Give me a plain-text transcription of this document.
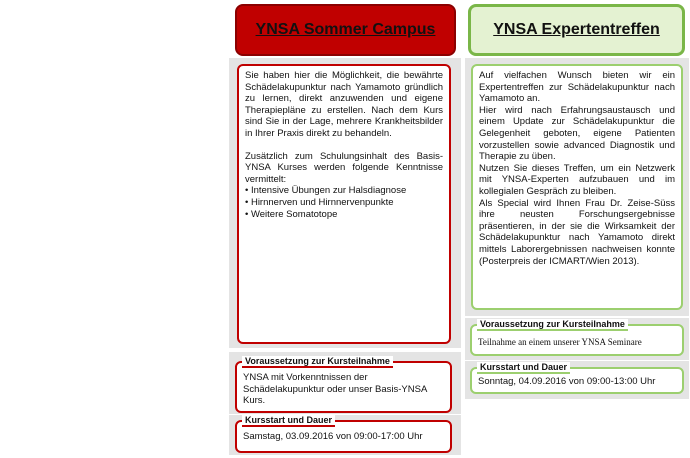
YNSA Sommer Campus

Sie haben hier die Möglichkeit, die bewährte Schädelakupunktur nach Yamamoto gründlich zu lernen, direkt anzuwenden und eigene Therapiepläne zu erstellen. Nach dem Kurs sind Sie in der Lage, mehrere Krankheitsbilder in Ihrer Praxis direkt zu behandeln.

Zusätzlich zum Schulungsinhalt des Basis-YNSA Kurses werden folgende Kenntnisse vermittelt:

• Intensive Übungen zur Halsdiagnose
• Hirnnerven und Hirnnervenpunkte
• Weitere Somatotope
Voraussetzung zur Kursteilnahme
YNSA mit Vorkenntnissen der Schädelakupunktur oder unser Basis-YNSA Kurs.
Kursstart und Dauer
Samstag, 03.09.2016 von 09:00-17:00 Uhr
YNSA Expertentreffen
Auf vielfachen Wunsch bieten wir ein Expertentreffen zur Schädelakupunktur nach Yamamoto an.
Hier wird nach Erfahrungsaustausch und einem Update zur Schädelakupunktur die Gelegenheit geboten, eigene Patienten vorzustellen sowie advanced Diagnostik und Therapie zu üben.
Nutzen Sie dieses Treffen, um ein Netzwerk mit YNSA-Experten aufzubauen und im kollegialen Gespräch zu bleiben.
Als Special wird Ihnen Frau Dr. Zeise-Süss ihre neusten Forschungsergebnisse präsentieren, in der sie die Wirksamkeit der Schädelakupunktur nach Yamamoto direkt mittels Laborergebnissen nachweisen konnte (Posterpreis der ICMART/Wien 2013).
Voraussetzung zur Kursteilnahme
Teilnahme an einem unserer YNSA Seminare
Kursstart und Dauer
Sonntag, 04.09.2016 von 09:00-13:00 Uhr
